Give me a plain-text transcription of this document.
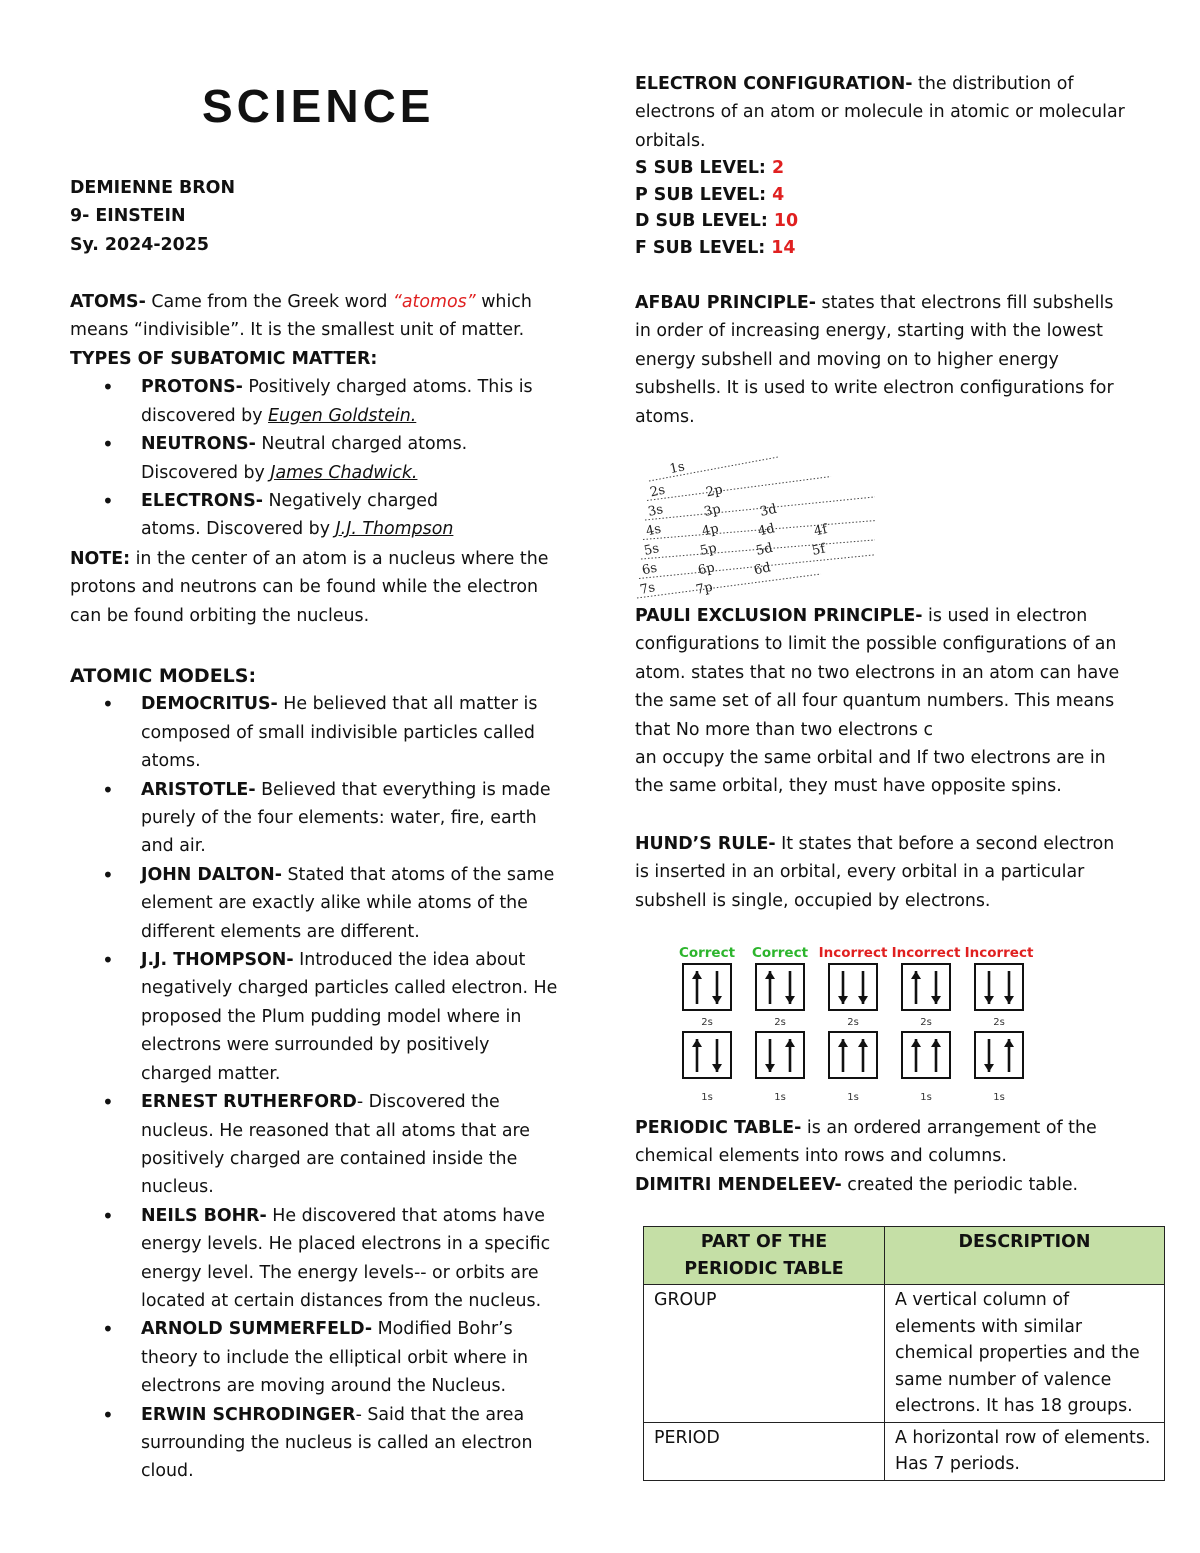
SCIENCE
DEMIENNE BRON
9- EINSTEIN
Sy. 2024-2025
ATOMS- Came from the Greek word “atomos” which means “indivisible”. It is the smallest unit of matter.
TYPES OF SUBATOMIC MATTER:
• PROTONS- Positively charged atoms. This is discovered by Eugen Goldstein.
• NEUTRONS- Neutral charged atoms. Discovered by James Chadwick.
• ELECTRONS- Negatively charged atoms. Discovered by J.J. Thompson
NOTE: in the center of an atom is a nucleus where the protons and neutrons can be found while the electron can be found orbiting the nucleus.
ATOMIC MODELS:
• DEMOCRITUS- He believed that all matter is composed of small indivisible particles called atoms.
• ARISTOTLE- Believed that everything is made purely of the four elements: water, fire, earth and air.
• JOHN DALTON- Stated that atoms of the same element are exactly alike while atoms of the different elements are different.
• J.J. THOMPSON- Introduced the idea about negatively charged particles called electron. He proposed the Plum pudding model where in electrons were surrounded by positively charged matter.
• ERNEST RUTHERFORD- Discovered the nucleus. He reasoned that all atoms that are positively charged are contained inside the nucleus.
• NEILS BOHR- He discovered that atoms have energy levels. He placed electrons in a specific energy level. The energy levels-- or orbits are located at certain distances from the nucleus.
• ARNOLD SUMMERFELD- Modified Bohr’s theory to include the elliptical orbit where in electrons are moving around the Nucleus.
• ERWIN SCHRODINGER- Said that the area surrounding the nucleus is called an electron cloud.
ELECTRON CONFIGURATION- the distribution of electrons of an atom or molecule in atomic or molecular orbitals.
S SUB LEVEL: 2
P SUB LEVEL: 4
D SUB LEVEL: 10
F SUB LEVEL: 14
AFBAU PRINCIPLE- states that electrons fill subshells in order of increasing energy, starting with the lowest energy subshell and moving on to higher energy subshells. It is used to write electron configurations for atoms.
1s
2s	2p
3s	3p	3d
4s	4p	4d	4f
5s	5p	5d	5f
6s	6p	6d
7s	7p
PAULI EXCLUSION PRINCIPLE- is used in electron configurations to limit the possible configurations of an atom. states that no two electrons in an atom can have the same set of all four quantum numbers. This means that No more than two electrons c
an occupy the same orbital and If two electrons are in the same orbital, they must have opposite spins.
HUND’S RULE- It states that before a second electron is inserted in an orbital, every orbital in a particular subshell is single, occupied by electrons.
Correct
2s
1s
Correct
2s
1s
Incorrect
2s
1s
Incorrect
2s
1s
Incorrect
2s
1s
PERIODIC TABLE- is an ordered arrangement of the chemical elements into rows and columns.
DIMITRI MENDELEEV- created the periodic table.
PART OF THE PERIODIC TABLE	DESCRIPTION
GROUP	A vertical column of elements with similar chemical properties and the same number of valence electrons. It has 18 groups.
PERIOD	A horizontal row of elements. Has 7 periods.
